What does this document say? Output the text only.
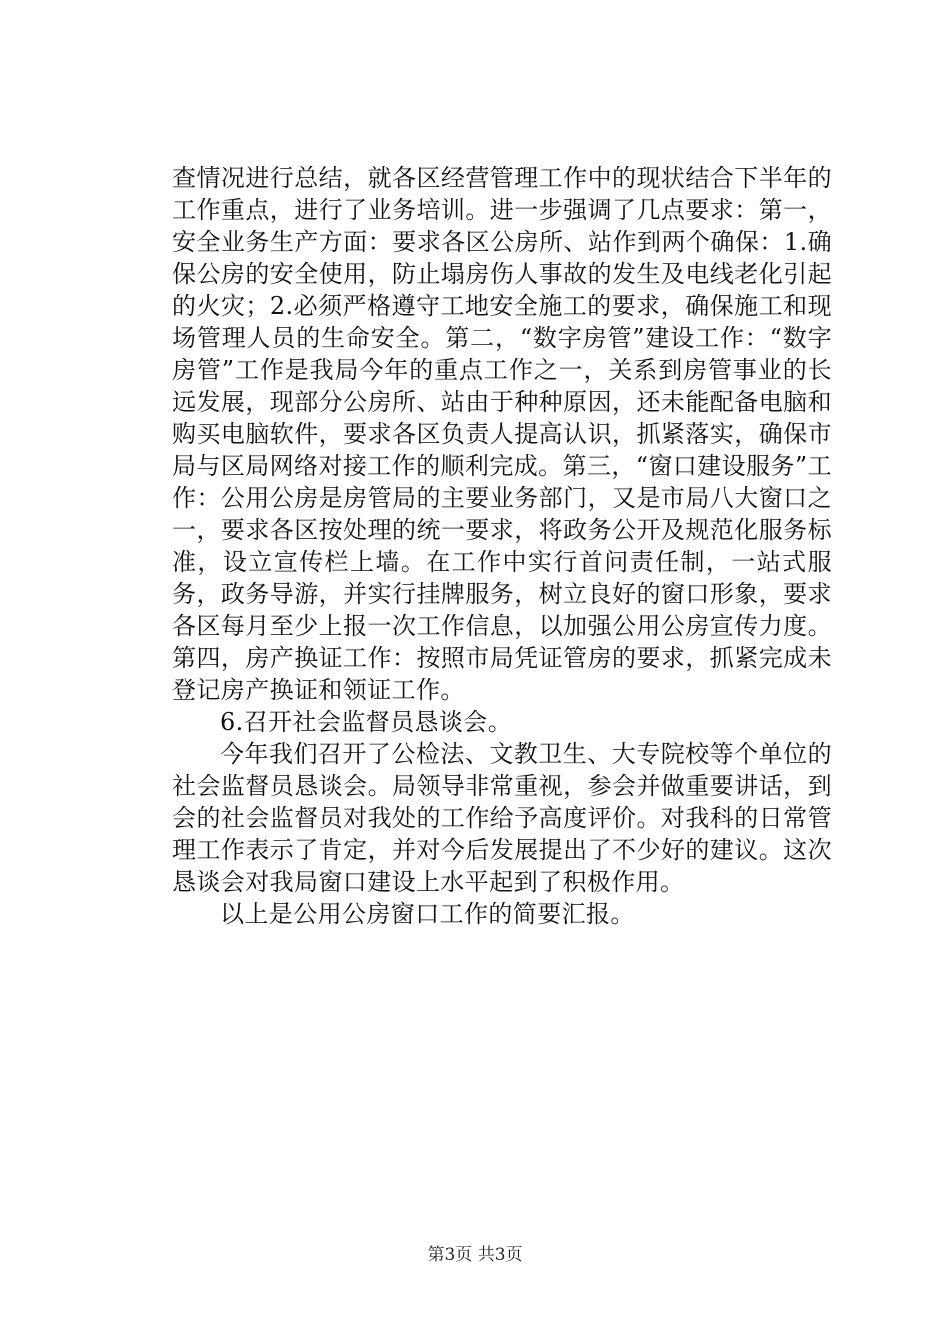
查情况进行总结，就各区经营管理工作中的现状结合下半年的工作重点，进行了业务培训。进一步强调了几点要求：第一，安全业务生产方面：要求各区公房所、站作到两个确保：1.确保公房的安全使用，防止塌房伤人事故的发生及电线老化引起的火灾；2.必须严格遵守工地安全施工的要求，确保施工和现场管理人员的生命安全。第二，“数字房管”建设工作：“数字房管”工作是我局今年的重点工作之一，关系到房管事业的长远发展，现部分公房所、站由于种种原因，还未能配备电脑和购买电脑软件，要求各区负责人提高认识，抓紧落实，确保市局与区局网络对接工作的顺利完成。第三，“窗口建设服务”工作：公用公房是房管局的主要业务部门，又是市局八大窗口之一，要求各区按处理的统一要求，将政务公开及规范化服务标准，设立宣传栏上墙。在工作中实行首问责任制，一站式服务，政务导游，并实行挂牌服务，树立良好的窗口形象，要求各区每月至少上报一次工作信息，以加强公用公房宣传力度。第四，房产换证工作：按照市局凭证管房的要求，抓紧完成未登记房产换证和领证工作。

6.召开社会监督员恳谈会。

今年我们召开了公检法、文教卫生、大专院校等个单位的社会监督员恳谈会。局领导非常重视，参会并做重要讲话，到会的社会监督员对我处的工作给予高度评价。对我科的日常管理工作表示了肯定，并对今后发展提出了不少好的建议。这次恳谈会对我局窗口建设上水平起到了积极作用。

以上是公用公房窗口工作的简要汇报。

第3页 共3页
